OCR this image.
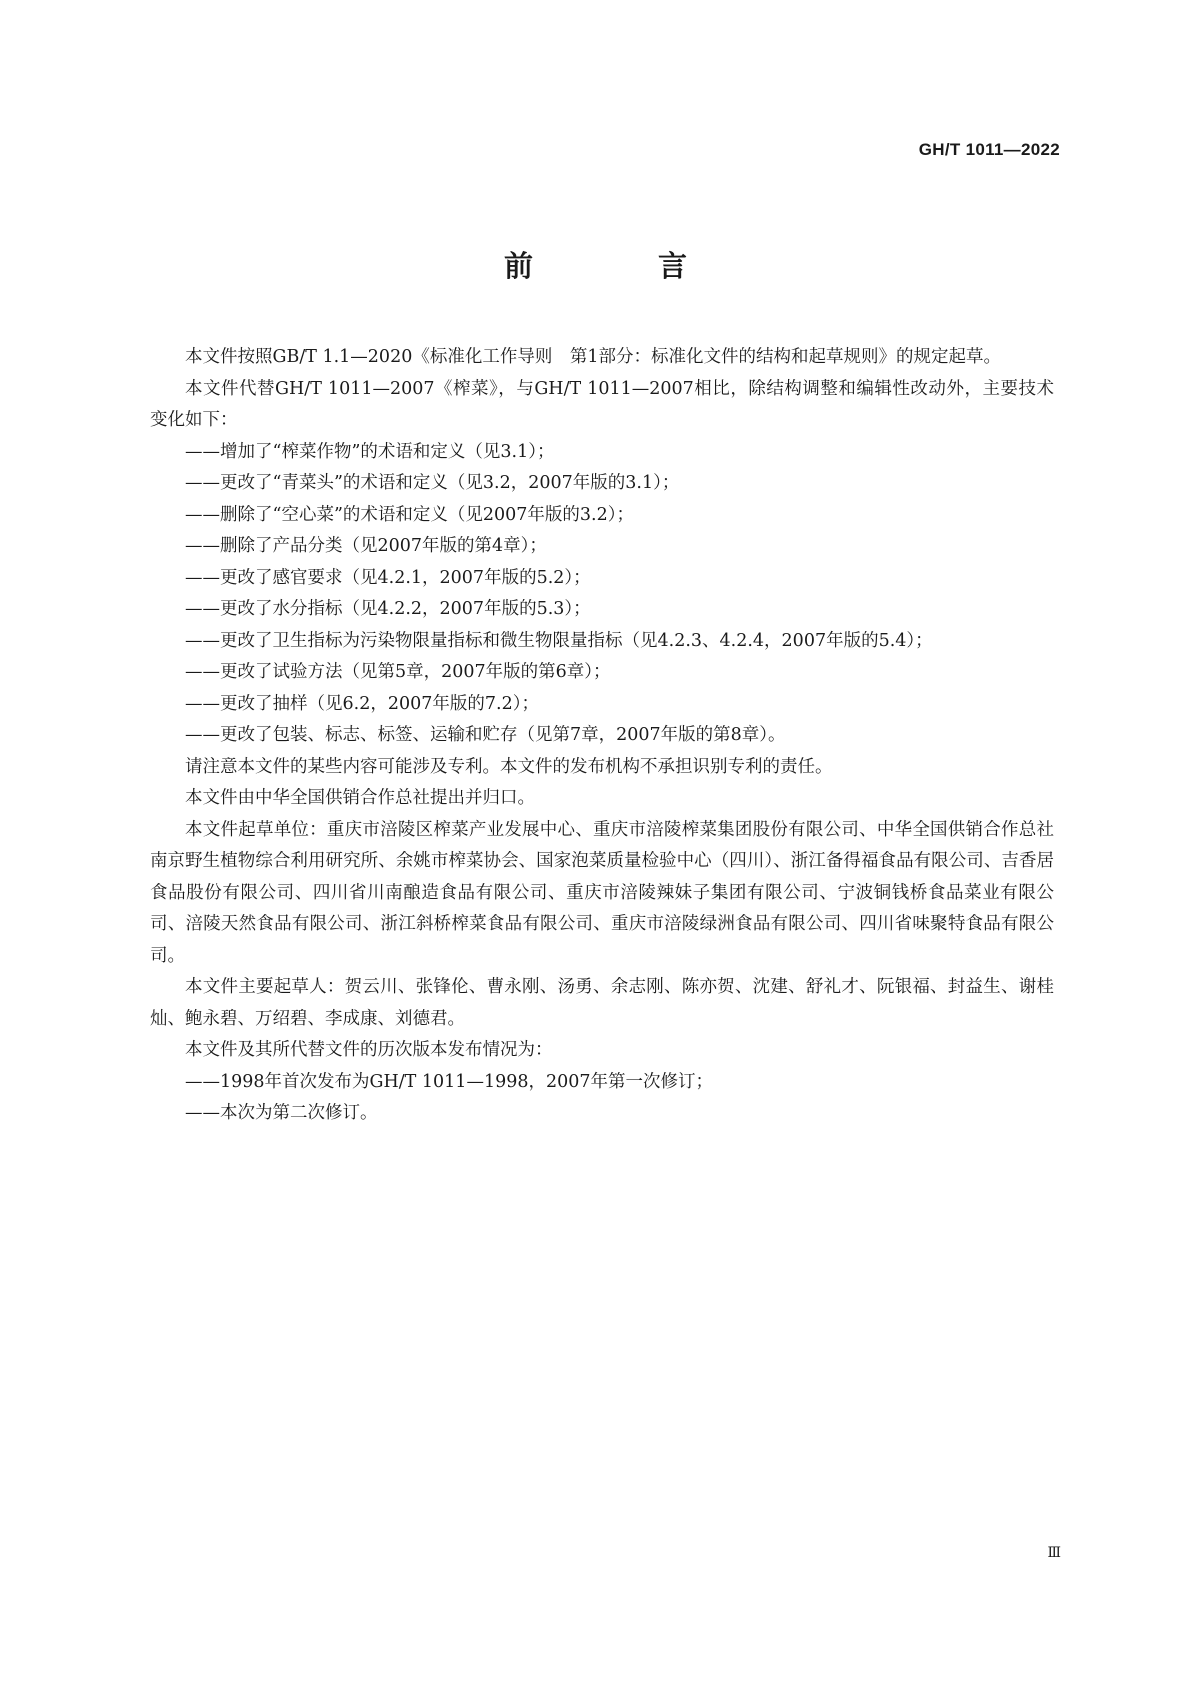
GH/T 1011—2022
前　言

本文件按照GB/T 1.1—2020《标准化工作导则　第1部分：标准化文件的结构和起草规则》的规定起草。

本文件代替GH/T 1011—2007《榨菜》，与GH/T 1011—2007相比，除结构调整和编辑性改动外，主要技术变化如下：

——增加了“榨菜作物”的术语和定义（见3.1）；

——更改了“青菜头”的术语和定义（见3.2，2007年版的3.1）；

——删除了“空心菜”的术语和定义（见2007年版的3.2）；

——删除了产品分类（见2007年版的第4章）；

——更改了感官要求（见4.2.1，2007年版的5.2）；

——更改了水分指标（见4.2.2，2007年版的5.3）；

——更改了卫生指标为污染物限量指标和微生物限量指标（见4.2.3、4.2.4，2007年版的5.4）；

——更改了试验方法（见第5章，2007年版的第6章）；

——更改了抽样（见6.2，2007年版的7.2）；

——更改了包装、标志、标签、运输和贮存（见第7章，2007年版的第8章）。

请注意本文件的某些内容可能涉及专利。本文件的发布机构不承担识别专利的责任。

本文件由中华全国供销合作总社提出并归口。

本文件起草单位：重庆市涪陵区榨菜产业发展中心、重庆市涪陵榨菜集团股份有限公司、中华全国供销合作总社南京野生植物综合利用研究所、余姚市榨菜协会、国家泡菜质量检验中心（四川）、浙江备得福食品有限公司、吉香居食品股份有限公司、四川省川南酿造食品有限公司、重庆市涪陵辣妹子集团有限公司、宁波铜钱桥食品菜业有限公司、涪陵天然食品有限公司、浙江斜桥榨菜食品有限公司、重庆市涪陵绿洲食品有限公司、四川省味聚特食品有限公司。

本文件主要起草人：贺云川、张锋伦、曹永刚、汤勇、余志刚、陈亦贺、沈建、舒礼才、阮银福、封益生、谢桂灿、鲍永碧、万绍碧、李成康、刘德君。

本文件及其所代替文件的历次版本发布情况为：

——1998年首次发布为GH/T 1011—1998，2007年第一次修订；

——本次为第二次修订。

Ⅲ
